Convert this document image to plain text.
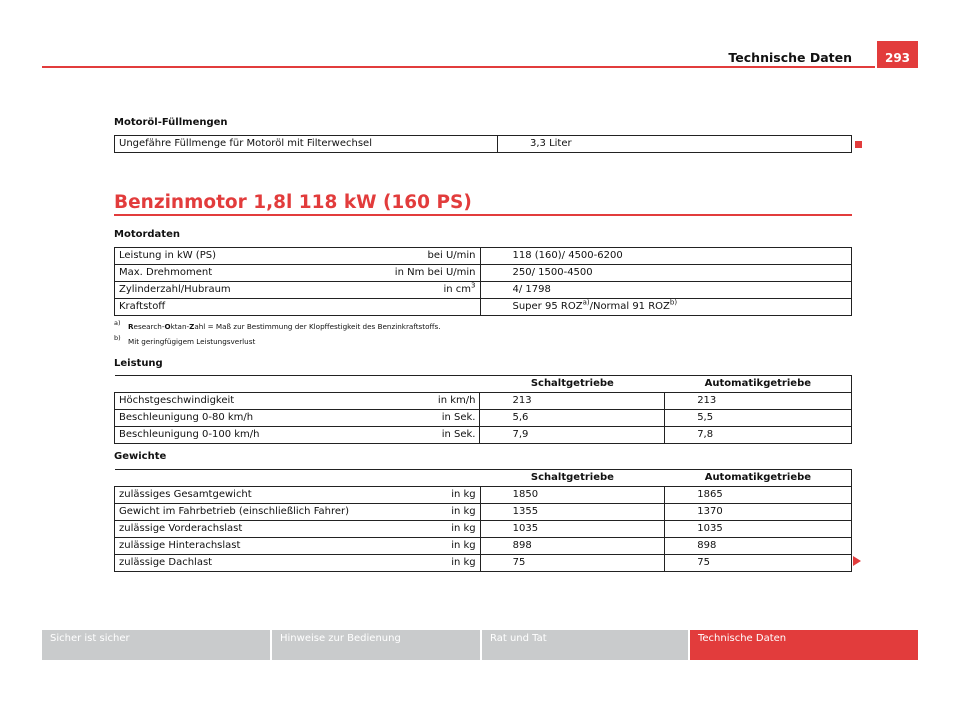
Technische Daten	293
Motoröl-Füllmengen
Ungefähre Füllmenge für Motoröl mit Filterwechsel	3,3 Liter
Benzinmotor 1,8l 118 kW (160 PS)
Motordaten
Leistung in kW (PS)	bei U/min	118 (160)/ 4500-6200
Max. Drehmoment	in Nm bei U/min	250/ 1500-4500
Zylinderzahl/Hubraum	in $cm^3$	4/ 1798
Kraftstoff		Super 95 ROZ$^{a)}$/Normal 91 ROZ$^{b)}$
a) Research-Oktan-Zahl = Maß zur Bestimmung der Klopffestigkeit des Benzinkraftstoffs.
b) Mit geringfügigem Leistungsverlust
Leistung
		Schaltgetriebe	Automatikgetriebe
Höchstgeschwindigkeit	in km/h	213	213
Beschleunigung 0-80 km/h	in Sek.	5,6	5,5
Beschleunigung 0-100 km/h	in Sek.	7,9	7,8
Gewichte
		Schaltgetriebe	Automatikgetriebe
zulässiges Gesamtgewicht	in kg	1850	1865
Gewicht im Fahrbetrieb (einschließlich Fahrer)	in kg	1355	1370
zulässige Vorderachslast	in kg	1035	1035
zulässige Hinterachslast	in kg	898	898
zulässige Dachlast	in kg	75	75
Sicher ist sicher	Hinweise zur Bedienung	Rat und Tat	Technische Daten
